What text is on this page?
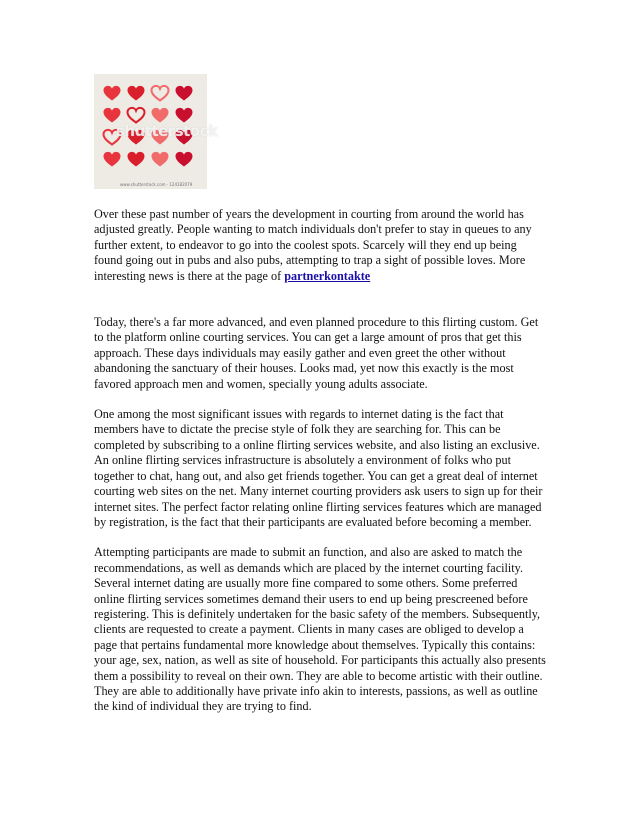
shutterstock
www.shutterstock.com · 124182079

Over these past number of years the development in courting from around the world has adjusted greatly. People wanting to match individuals don't prefer to stay in queues to any further extent, to endeavor to go into the coolest spots. Scarcely will they end up being found going out in pubs and also pubs, attempting to trap a sight of possible loves. More interesting news is there at the page of partnerkontakte

Today, there's a far more advanced, and even planned procedure to this flirting custom. Get to the platform online courting services. You can get a large amount of pros that get this approach. These days individuals may easily gather and even greet the other without abandoning the sanctuary of their houses. Looks mad, yet now this exactly is the most favored approach men and women, specially young adults associate.

One among the most significant issues with regards to internet dating is the fact that members have to dictate the precise style of folk they are searching for. This can be completed by subscribing to a online flirting services website, and also listing an exclusive. An online flirting services infrastructure is absolutely a environment of folks who put together to chat, hang out, and also get friends together. You can get a great deal of internet courting web sites on the net. Many internet courting providers ask users to sign up for their internet sites. The perfect factor relating online flirting services features which are managed by registration, is the fact that their participants are evaluated before becoming a member.

Attempting participants are made to submit an function, and also are asked to match the recommendations, as well as demands which are placed by the internet courting facility. Several internet dating are usually more fine compared to some others. Some preferred online flirting services sometimes demand their users to end up being prescreened before registering. This is definitely undertaken for the basic safety of the members. Subsequently, clients are requested to create a payment. Clients in many cases are obliged to develop a page that pertains fundamental more knowledge about themselves. Typically this contains: your age, sex, nation, as well as site of household. For participants this actually also presents them a possibility to reveal on their own. They are able to become artistic with their outline. They are able to additionally have private info akin to interests, passions, as well as outline the kind of individual they are trying to find.
